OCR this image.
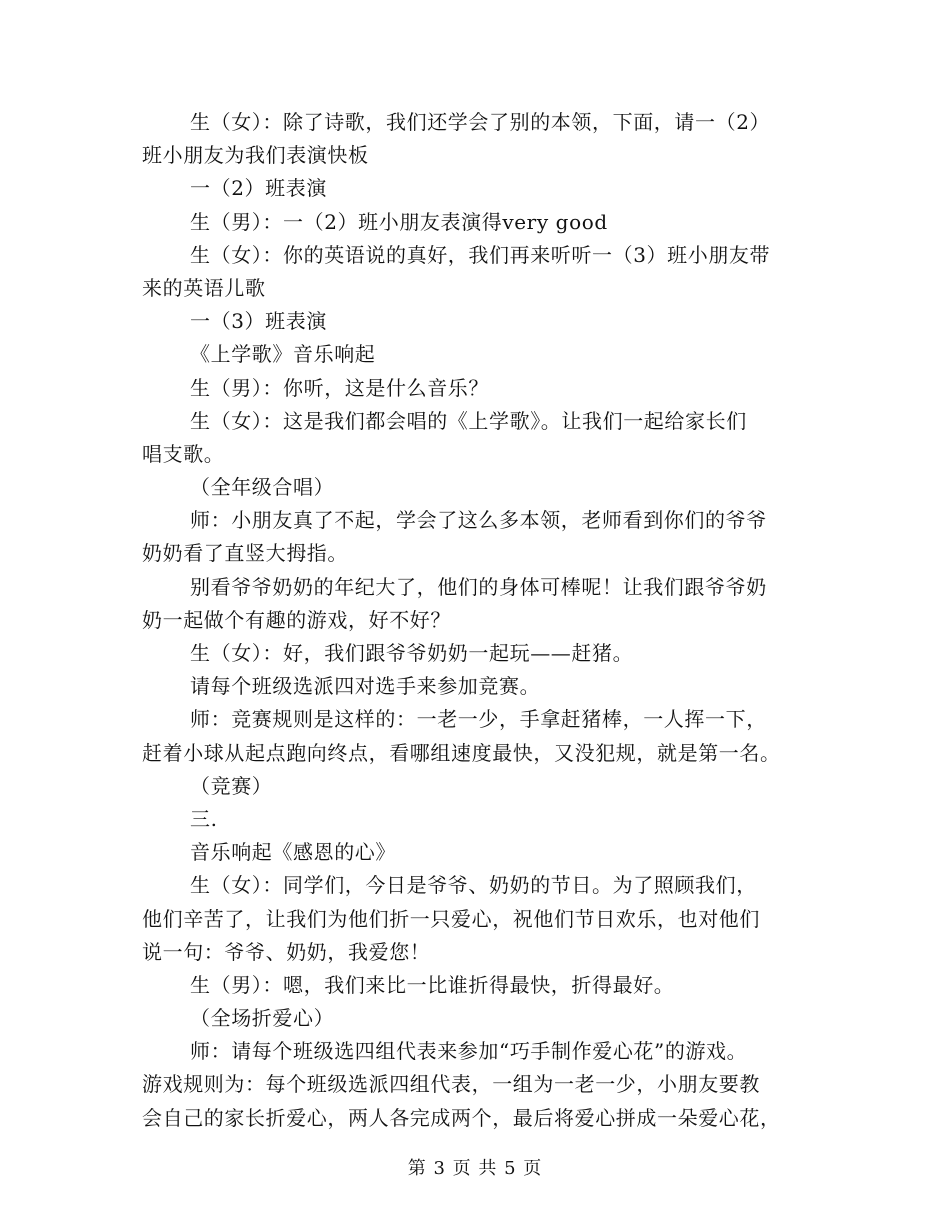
生（女）：除了诗歌，我们还学会了别的本领，下面，请一（2）
班小朋友为我们表演快板
一（2）班表演
生（男）：一（2）班小朋友表演得very good
生（女）：你的英语说的真好，我们再来听听一（3）班小朋友带
来的英语儿歌
一（3）班表演
《上学歌》音乐响起
生（男）：你听，这是什么音乐？
生（女）：这是我们都会唱的《上学歌》。让我们一起给家长们
唱支歌。
（全年级合唱）
师：小朋友真了不起，学会了这么多本领，老师看到你们的爷爷
奶奶看了直竖大拇指。
别看爷爷奶奶的年纪大了，他们的身体可棒呢！让我们跟爷爷奶
奶一起做个有趣的游戏，好不好？
生（女）：好，我们跟爷爷奶奶一起玩——赶猪。
请每个班级选派四对选手来参加竞赛。
师：竞赛规则是这样的：一老一少，手拿赶猪棒，一人挥一下，
赶着小球从起点跑向终点，看哪组速度最快，又没犯规，就是第一名。
（竞赛）
三.
音乐响起《感恩的心》
生（女）：同学们，今日是爷爷、奶奶的节日。为了照顾我们，
他们辛苦了，让我们为他们折一只爱心，祝他们节日欢乐，也对他们
说一句：爷爷、奶奶，我爱您！
生（男）：嗯，我们来比一比谁折得最快，折得最好。
（全场折爱心）
师：请每个班级选四组代表来参加“巧手制作爱心花”的游戏。
游戏规则为：每个班级选派四组代表，一组为一老一少，小朋友要教
会自己的家长折爱心，两人各完成两个，最后将爱心拼成一朵爱心花，
第 3 页 共 5 页
